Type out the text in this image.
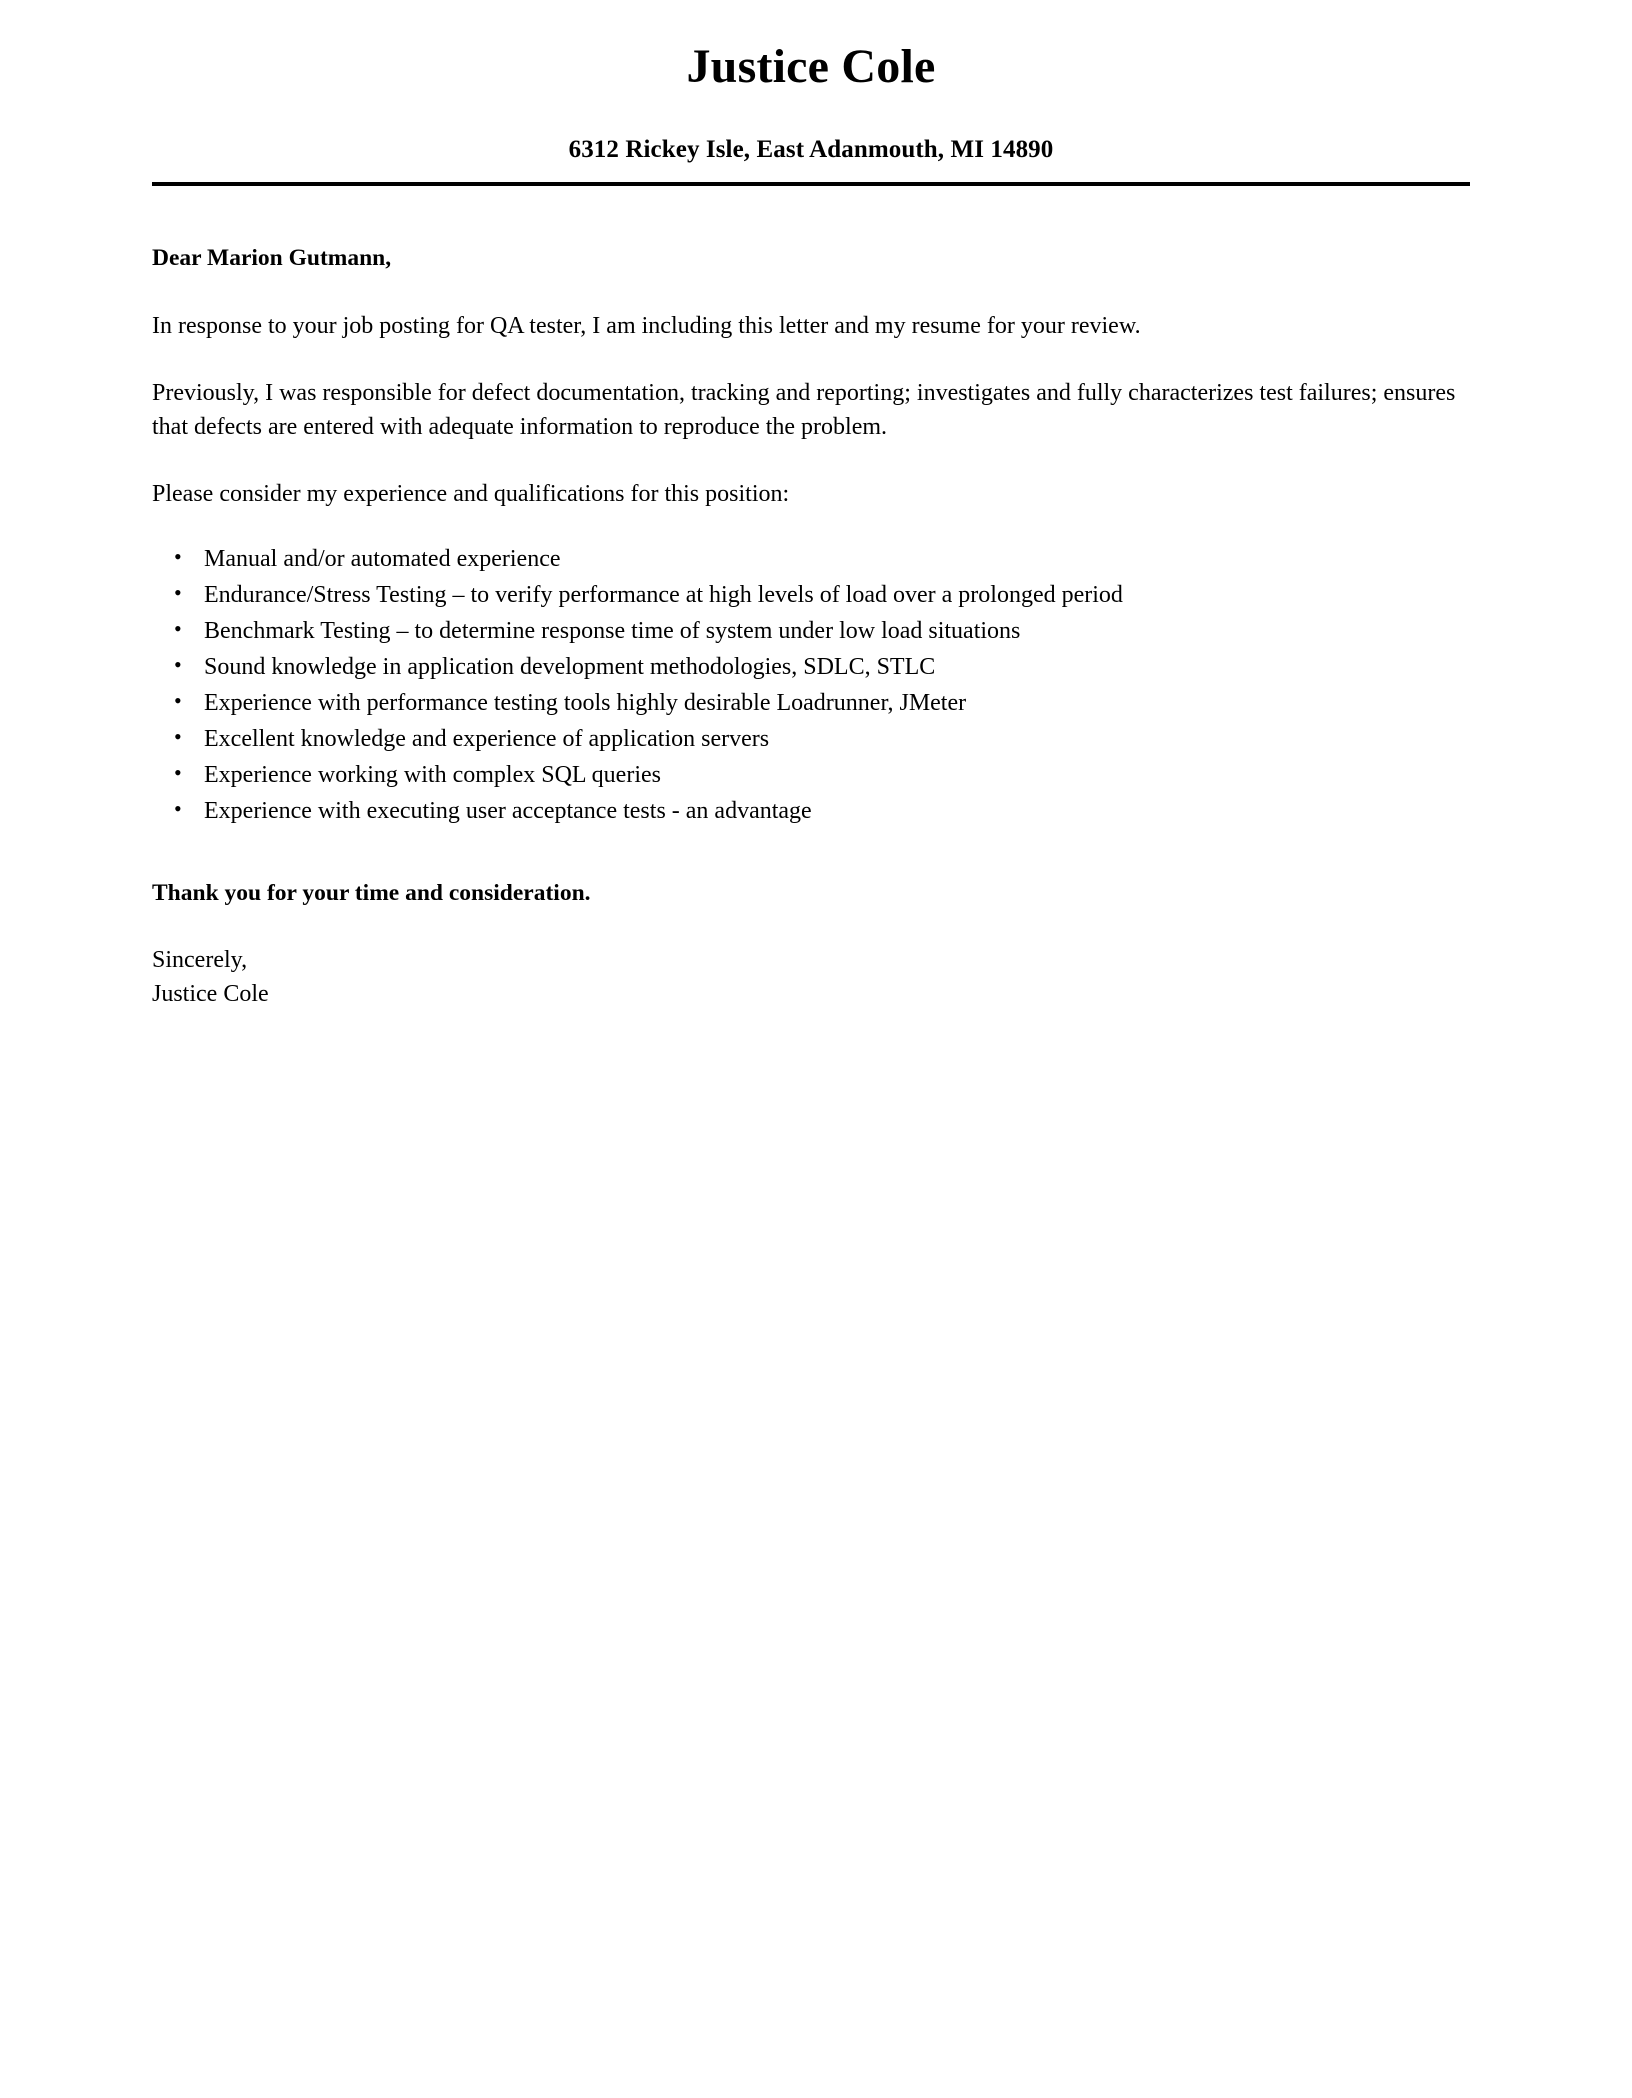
Justice Cole
6312 Rickey Isle, East Adanmouth, MI 14890

Dear Marion Gutmann,

In response to your job posting for QA tester, I am including this letter and my resume for your review.

Previously, I was responsible for defect documentation, tracking and reporting; investigates and fully characterizes test failures; ensures that defects are entered with adequate information to reproduce the problem.

Please consider my experience and qualifications for this position:

• Manual and/or automated experience
• Endurance/Stress Testing – to verify performance at high levels of load over a prolonged period
• Benchmark Testing – to determine response time of system under low load situations
• Sound knowledge in application development methodologies, SDLC, STLC
• Experience with performance testing tools highly desirable Loadrunner, JMeter
• Excellent knowledge and experience of application servers
• Experience working with complex SQL queries
• Experience with executing user acceptance tests - an advantage

Thank you for your time and consideration.

Sincerely,

Justice Cole
